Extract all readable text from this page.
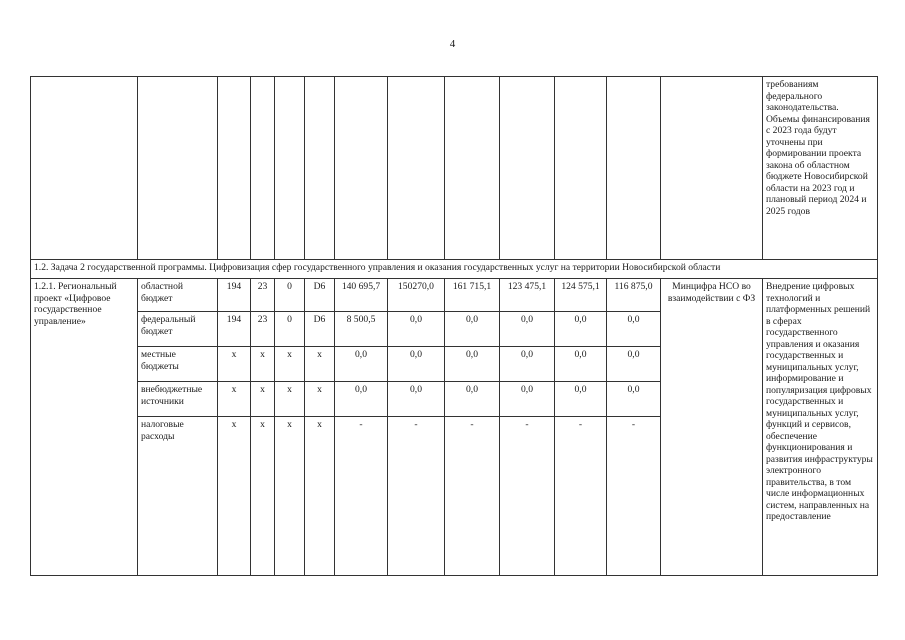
4
													требованиям федерального законодательства. Объемы финансирования с 2023 года будут уточнены при формировании проекта закона об областном бюджете Новосибирской области на 2023 год и плановый период 2024 и 2025 годов
1.2. Задача 2 государственной программы. Цифровизация сфер государственного управления и оказания государственных услуг на территории Новосибирской области													
1.2.1. Региональный проект «Цифровое государственное управление»	областной бюджет	194	23	0	D6	140 695,7	150270,0	161 715,1	123 475,1	124 575,1	116 875,0	Минцифра НСО во взаимодействии с ФЗ	Внедрение цифровых технологий и платформенных решений в сферах государственного управления и оказания государственных и муниципальных услуг, информирование и популяризация цифровых государственных и муниципальных услуг, функций и сервисов, обеспечение функционирования и развития инфраструктуры электронного правительства, в том числе информационных систем, направленных на предоставление
	федеральный бюджет	194	23	0	D6	8 500,5	0,0	0,0	0,0	0,0	0,0		
	местные бюджеты	x	x	x	x	0,0	0,0	0,0	0,0	0,0	0,0		
	внебюджетные источники	x	x	x	x	0,0	0,0	0,0	0,0	0,0	0,0		
	налоговые расходы	x	x	x	x	-	-	-	-	-	-		
